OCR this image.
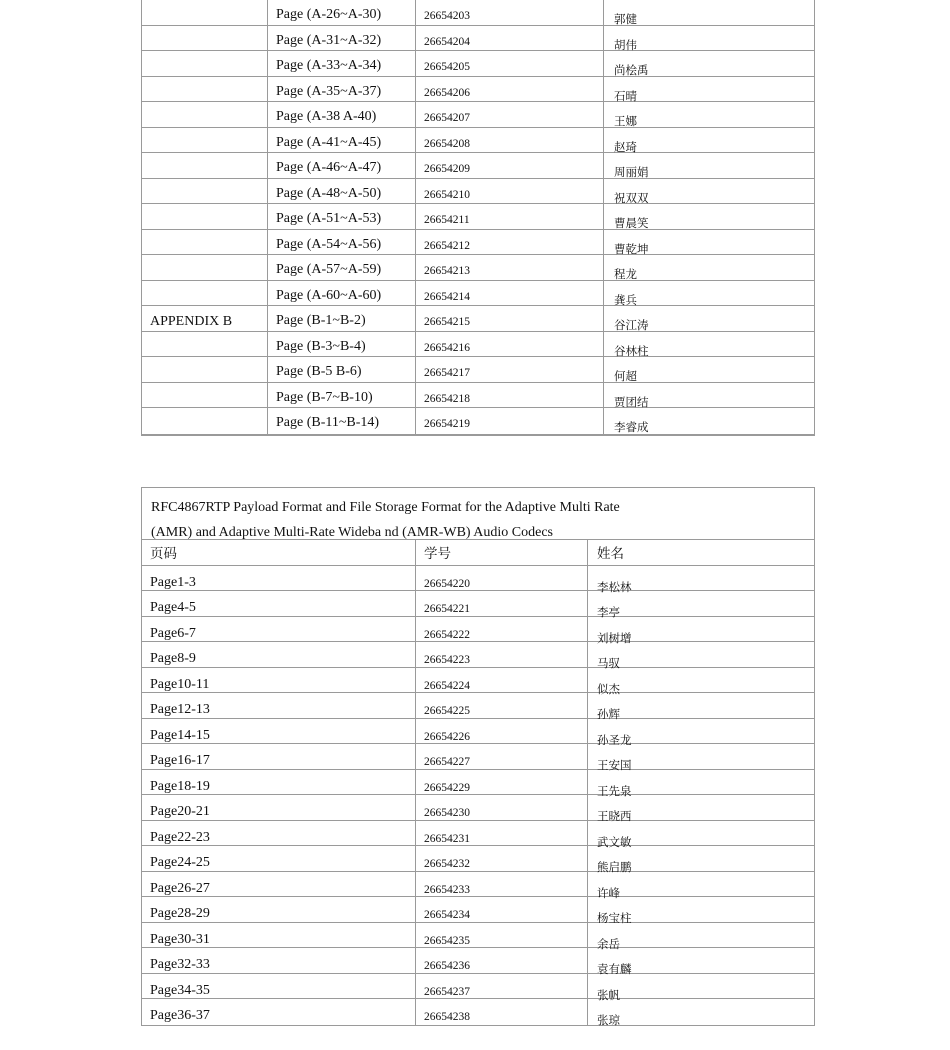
Page (A-26~A-30)	26654203	郭健
Page (A-31~A-32)	26654204	胡伟
Page (A-33~A-34)	26654205	尚桧禹
Page (A-35~A-37)	26654206	石晴
Page (A-38 A-40)	26654207	王娜
Page (A-41~A-45)	26654208	赵琦
Page (A-46~A-47)	26654209	周丽娟
Page (A-48~A-50)	26654210	祝双双
Page (A-51~A-53)	26654211	曹晨笑
Page (A-54~A-56)	26654212	曹乾坤
Page (A-57~A-59)	26654213	程龙
Page (A-60~A-60)	26654214	龚兵
APPENDIX B	Page (B-1~B-2)	26654215	谷江涛
Page (B-3~B-4)	26654216	谷林柱
Page (B-5 B-6)	26654217	何超
Page (B-7~B-10)	26654218	贾团结
Page (B-11~B-14)	26654219	李睿成
RFC4867RTP Payload Format and File Storage Format for the Adaptive Multi Rate
(AMR) and Adaptive Multi-Rate Wideba nd (AMR-WB) Audio Codecs
页码	学号	姓名
Page1-3	26654220	李松林
Page4-5	26654221	李亭
Page6-7	26654222	刘树增
Page8-9	26654223	马驭
Page10-11	26654224	似杰
Page12-13	26654225	孙辉
Page14-15	26654226	孙圣龙
Page16-17	26654227	王安国
Page18-19	26654229	王先泉
Page20-21	26654230	王晓西
Page22-23	26654231	武文敏
Page24-25	26654232	熊启鹏
Page26-27	26654233	许峰
Page28-29	26654234	杨宝柱
Page30-31	26654235	余岳
Page32-33	26654236	袁有麟
Page34-35	26654237	张帆
Page36-37	26654238	张琼
